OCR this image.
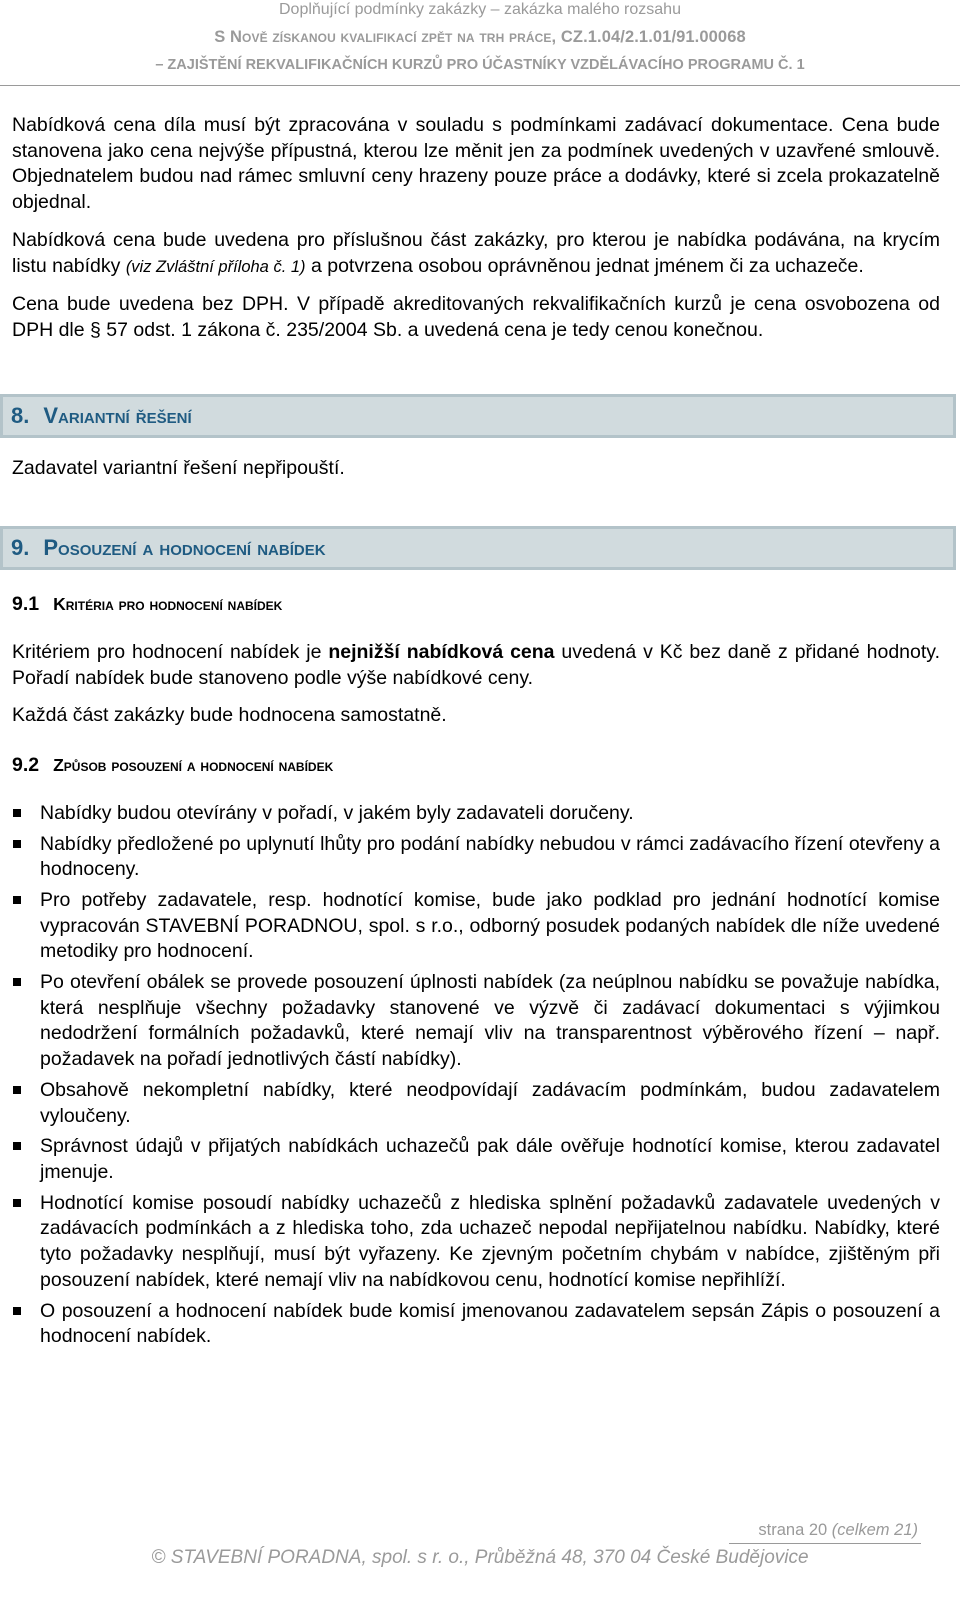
Doplňující podmínky zakázky – zakázka malého rozsahu
S Nově získanou kvalifikací zpět na trh práce, CZ.1.04/2.1.01/91.00068
– ZAJIŠTĚNÍ REKVALIFIKAČNÍCH KURZŮ PRO ÚČASTNÍKY VZDĚLÁVACÍHO PROGRAMU Č. 1

Nabídková cena díla musí být zpracována v souladu s podmínkami zadávací dokumentace. Cena bude stanovena jako cena nejvýše přípustná, kterou lze měnit jen za podmínek uvedených v uzavřené smlouvě. Objednatelem budou nad rámec smluvní ceny hrazeny pouze práce a dodávky, které si zcela prokazatelně objednal.

Nabídková cena bude uvedena pro příslušnou část zakázky, pro kterou je nabídka podávána, na krycím listu nabídky (viz Zvláštní příloha č. 1) a potvrzena osobou oprávněnou jednat jménem či za uchazeče.

Cena bude uvedena bez DPH. V případě akreditovaných rekvalifikačních kurzů je cena osvobozena od DPH dle § 57 odst. 1 zákona č. 235/2004 Sb. a uvedená cena je tedy cenou konečnou.

8. Variantní řešení

Zadavatel variantní řešení nepřipouští.

9. Posouzení a hodnocení nabídek
9.1 Kritéria pro hodnocení nabídek

Kritériem pro hodnocení nabídek je nejnižší nabídková cena uvedená v Kč bez daně z přidané hodnoty. Pořadí nabídek bude stanoveno podle výše nabídkové ceny.

Každá část zakázky bude hodnocena samostatně.

9.2 Způsob posouzení a hodnocení nabídek
Nabídky budou otevírány v pořadí, v jakém byly zadavateli doručeny.
Nabídky předložené po uplynutí lhůty pro podání nabídky nebudou v rámci zadávacího řízení otevřeny a hodnoceny.
Pro potřeby zadavatele, resp. hodnotící komise, bude jako podklad pro jednání hodnotící komise vypracován STAVEBNÍ PORADNOU, spol. s r.o., odborný posudek podaných nabídek dle níže uvedené metodiky pro hodnocení.
Po otevření obálek se provede posouzení úplnosti nabídek (za neúplnou nabídku se považuje nabídka, která nesplňuje všechny požadavky stanovené ve výzvě či zadávací dokumentaci s výjimkou nedodržení formálních požadavků, které nemají vliv na transparentnost výběrového řízení – např. požadavek na pořadí jednotlivých částí nabídky).
Obsahově nekompletní nabídky, které neodpovídají zadávacím podmínkám, budou zadavatelem vyloučeny.
Správnost údajů v přijatých nabídkách uchazečů pak dále ověřuje hodnotící komise, kterou zadavatel jmenuje.
Hodnotící komise posoudí nabídky uchazečů z hlediska splnění požadavků zadavatele uvedených v zadávacích podmínkách a z hlediska toho, zda uchazeč nepodal nepřijatelnou nabídku. Nabídky, které tyto požadavky nesplňují, musí být vyřazeny. Ke zjevným početním chybám v nabídce, zjištěným při posouzení nabídek, které nemají vliv na nabídkovou cenu, hodnotící komise nepřihlíží.
O posouzení a hodnocení nabídek bude komisí jmenovanou zadavatelem sepsán Zápis o posouzení a hodnocení nabídek.
strana 20 (celkem 21)
© STAVEBNÍ PORADNA, spol. s r. o., Průběžná 48, 370 04 České Budějovice
